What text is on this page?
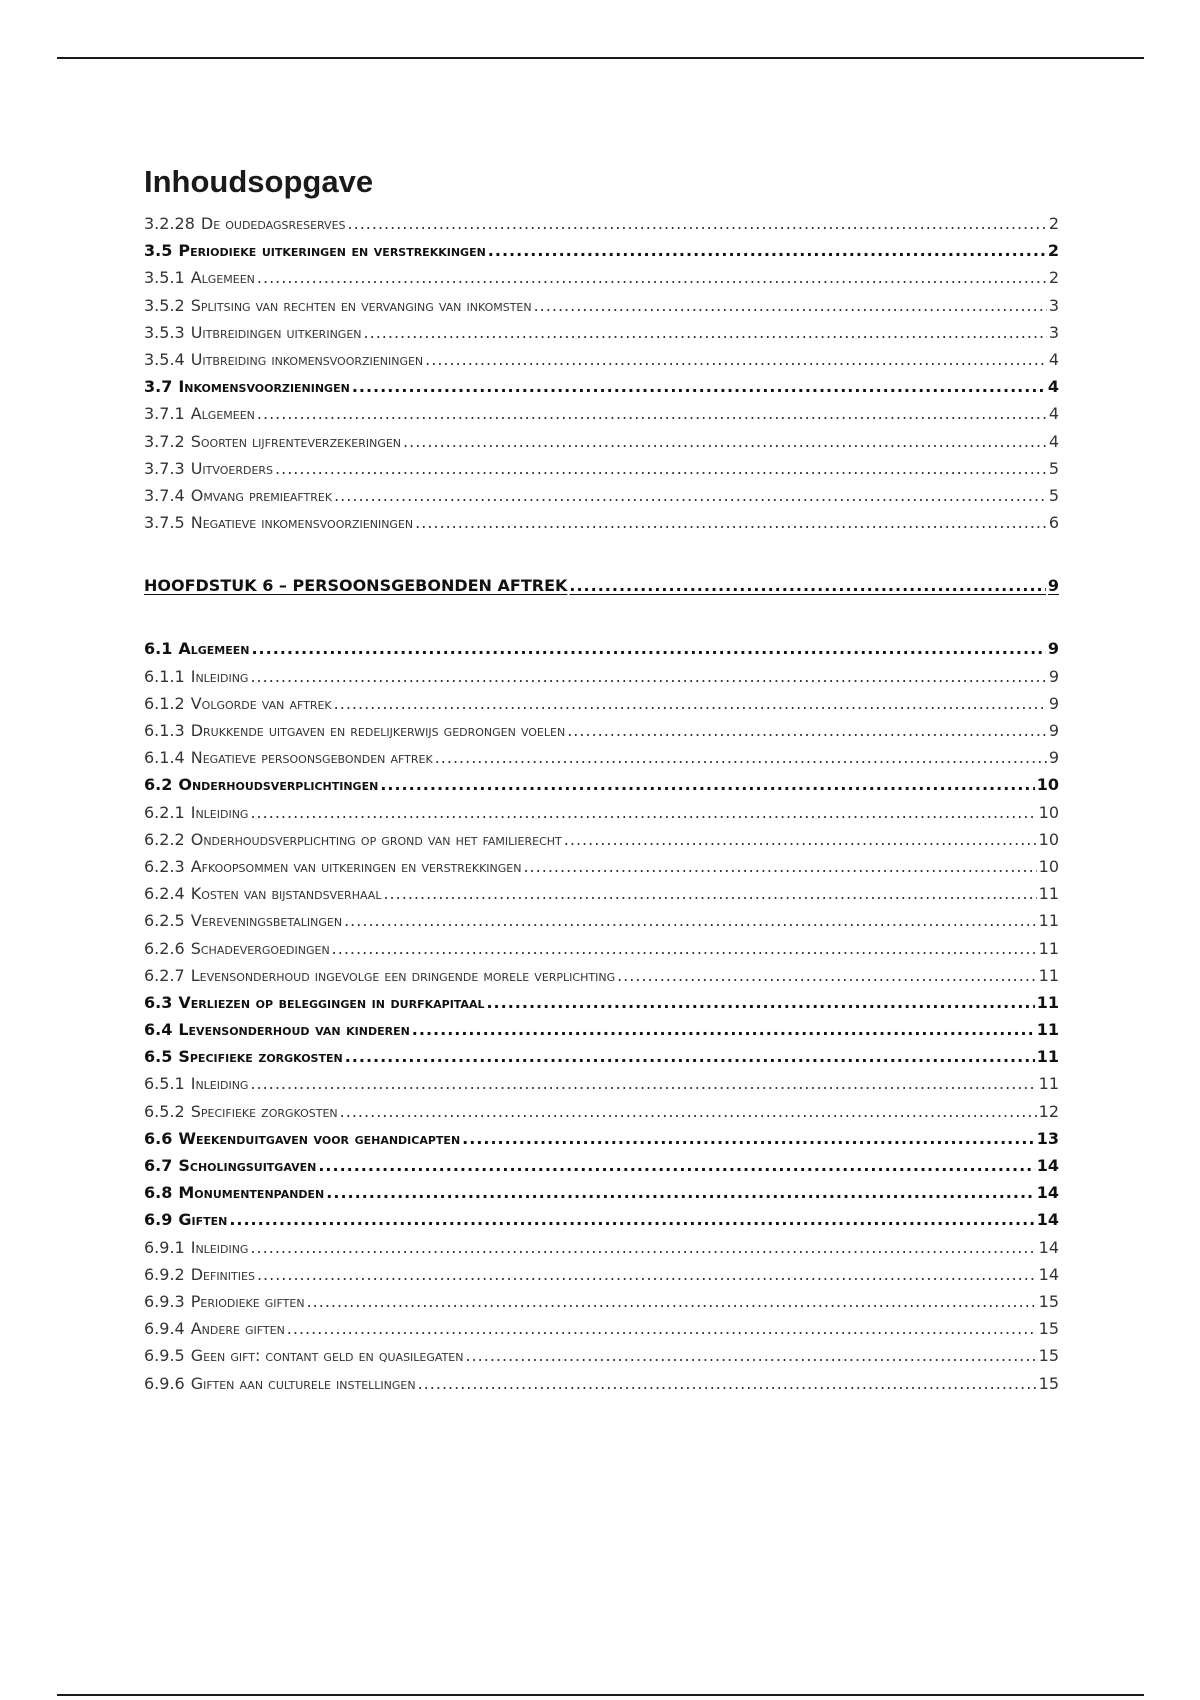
Inhoudsopgave
3.2.28 De oudedagsreserves .....	2
3.5 Periodieke uitkeringen en verstrekkingen .....	2
3.5.1 Algemeen .....	2
3.5.2 Splitsing van rechten en vervanging van inkomsten .....	3
3.5.3 Uitbreidingen uitkeringen .....	3
3.5.4 Uitbreiding inkomensvoorzieningen .....	4
3.7 Inkomensvoorzieningen .....	4
3.7.1 Algemeen .....	4
3.7.2 Soorten lijfrenteverzekeringen .....	4
3.7.3 Uitvoerders .....	5
3.7.4 Omvang premieaftrek .....	5
3.7.5 Negatieve inkomensvoorzieningen .....	6
HOOFDSTUK 6 – PERSOONSGEBONDEN AFTREK .....	9
6.1 Algemeen .....	9
6.1.1 Inleiding .....	9
6.1.2 Volgorde van aftrek .....	9
6.1.3 Drukkende uitgaven en redelijkerwijs gedrongen voelen .....	9
6.1.4 Negatieve persoonsgebonden aftrek .....	9
6.2 Onderhoudsverplichtingen .....	10
6.2.1 Inleiding .....	10
6.2.2 Onderhoudsverplichting op grond van het familierecht .....	10
6.2.3 Afkoopsommen van uitkeringen en verstrekkingen .....	10
6.2.4 Kosten van bijstandsverhaal .....	11
6.2.5 Vereveningsbetalingen .....	11
6.2.6 Schadevergoedingen .....	11
6.2.7 Levensonderhoud ingevolge een dringende morele verplichting .....	11
6.3 Verliezen op beleggingen in durfkapitaal .....	11
6.4 Levensonderhoud van kinderen .....	11
6.5 Specifieke zorgkosten .....	11
6.5.1 Inleiding .....	11
6.5.2 Specifieke zorgkosten .....	12
6.6 Weekenduitgaven voor gehandicapten .....	13
6.7 Scholingsuitgaven .....	14
6.8 Monumentenpanden .....	14
6.9 Giften .....	14
6.9.1 Inleiding .....	14
6.9.2 Definities .....	14
6.9.3 Periodieke giften .....	15
6.9.4 Andere giften .....	15
6.9.5 Geen gift: contant geld en quasilegaten .....	15
6.9.6 Giften aan culturele instellingen .....	15
